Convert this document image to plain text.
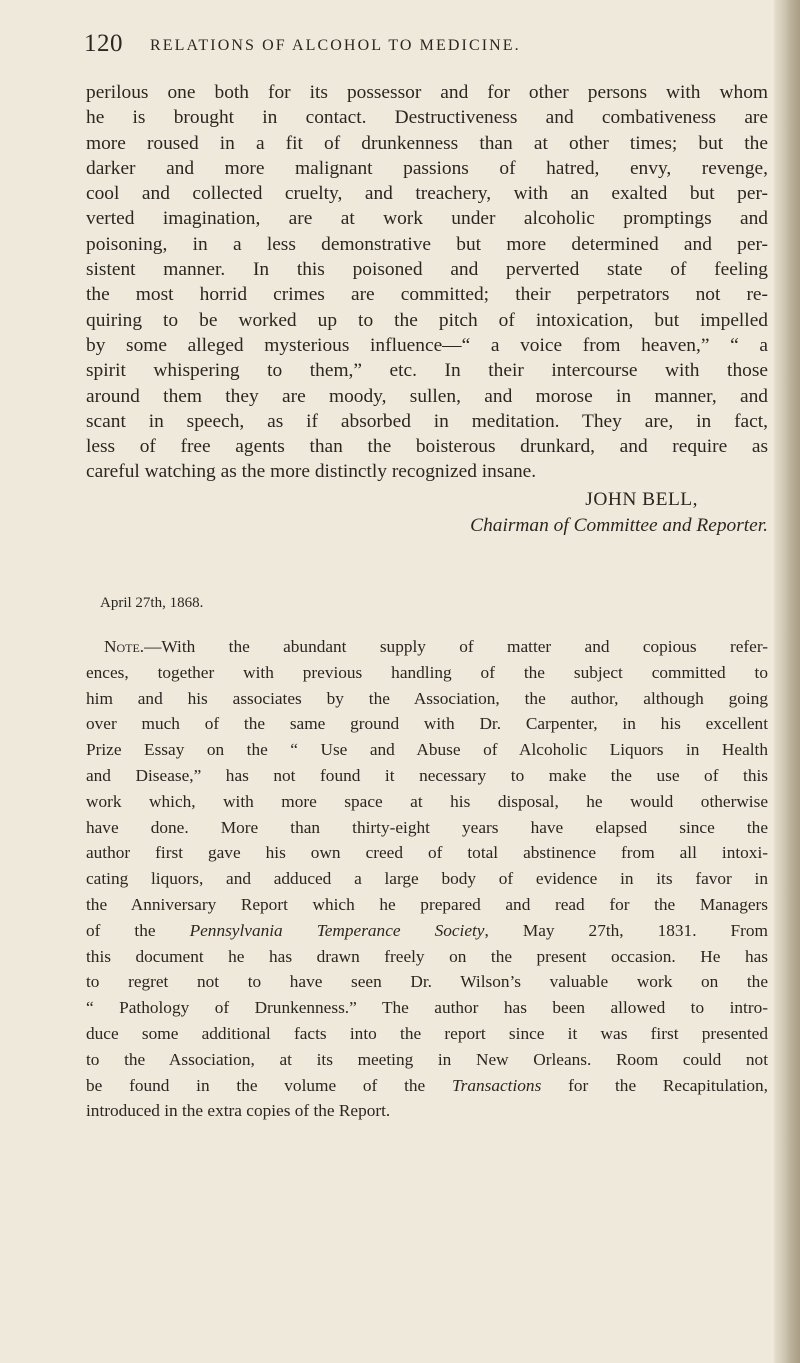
120 RELATIONS OF ALCOHOL TO MEDICINE.
perilous one both for its possessor and for other persons with whom
he is brought in contact. Destructiveness and combativeness are
more roused in a fit of drunkenness than at other times; but the
darker and more malignant passions of hatred, envy, revenge,
cool and collected cruelty, and treachery, with an exalted but per-
verted imagination, are at work under alcoholic promptings and
poisoning, in a less demonstrative but more determined and per-
sistent manner. In this poisoned and perverted state of feeling
the most horrid crimes are committed; their perpetrators not re-
quiring to be worked up to the pitch of intoxication, but impelled
by some alleged mysterious influence—“ a voice from heaven,” “ a
spirit whispering to them,” etc. In their intercourse with those
around them they are moody, sullen, and morose in manner, and
scant in speech, as if absorbed in meditation. They are, in fact,
less of free agents than the boisterous drunkard, and require as
careful watching as the more distinctly recognized insane.
JOHN BELL,
Chairman of Committee and Reporter.
April 27th, 1868.
Note.—With the abundant supply of matter and copious refer-
ences, together with previous handling of the subject committed to
him and his associates by the Association, the author, although going
over much of the same ground with Dr. Carpenter, in his excellent
Prize Essay on the “ Use and Abuse of Alcoholic Liquors in Health
and Disease,” has not found it necessary to make the use of this
work which, with more space at his disposal, he would otherwise
have done. More than thirty-eight years have elapsed since the
author first gave his own creed of total abstinence from all intoxi-
cating liquors, and adduced a large body of evidence in its favor in
the Anniversary Report which he prepared and read for the Managers
of the Pennsylvania Temperance Society, May 27th, 1831. From
this document he has drawn freely on the present occasion. He has
to regret not to have seen Dr. Wilson’s valuable work on the
“ Pathology of Drunkenness.” The author has been allowed to intro-
duce some additional facts into the report since it was first presented
to the Association, at its meeting in New Orleans. Room could not
be found in the volume of the Transactions for the Recapitulation,
introduced in the extra copies of the Report.
